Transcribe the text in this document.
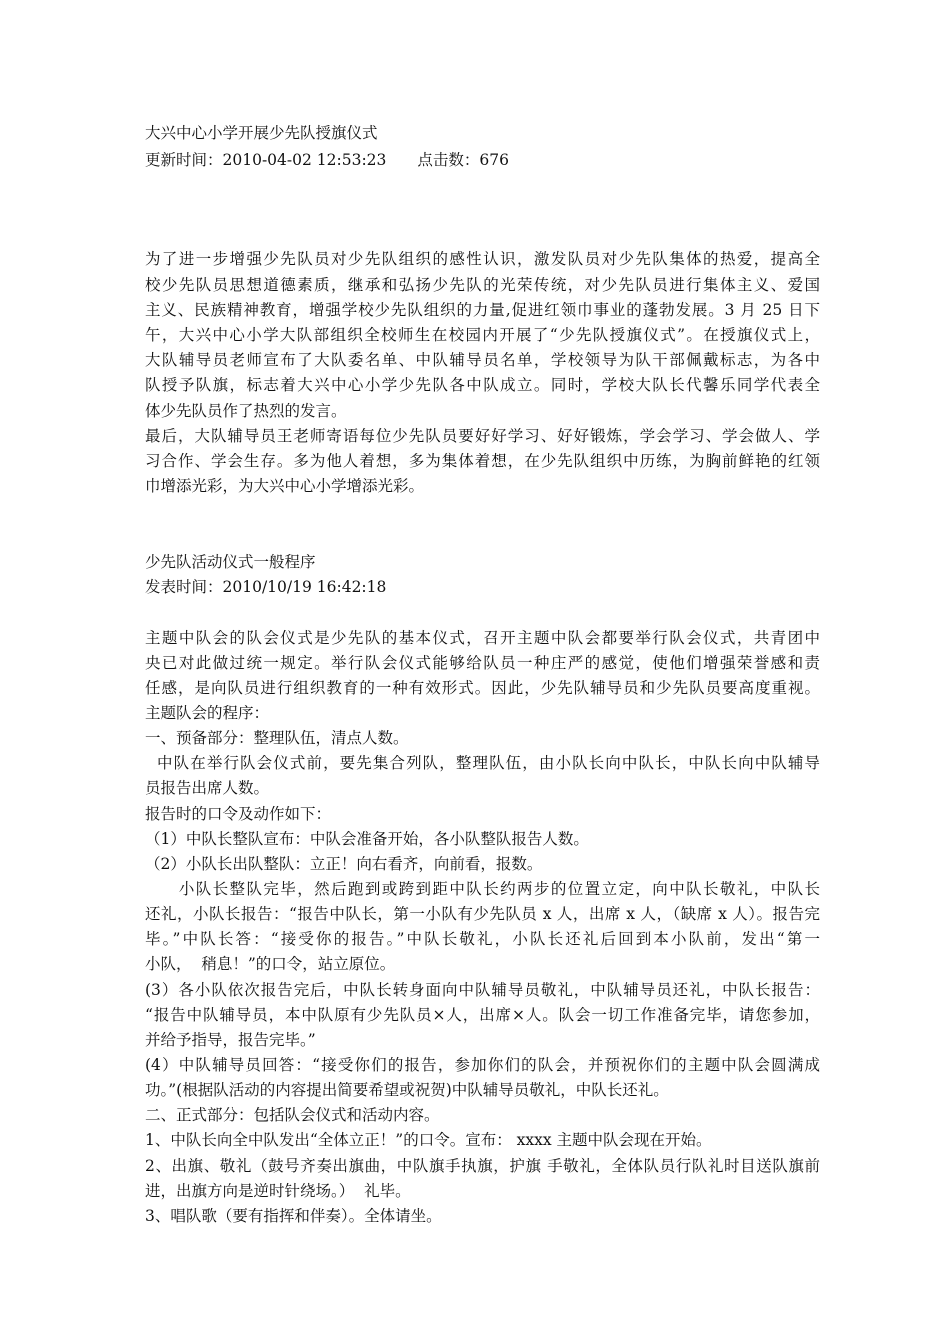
大兴中心小学开展少先队授旗仪式
更新时间：2010-04-02 12:53:23　　点击数：676
为了进一步增强少先队员对少先队组织的感性认识，激发队员对少先队集体的热爱，提高全
校少先队员思想道德素质，继承和弘扬少先队的光荣传统，对少先队员进行集体主义、爱国
主义、民族精神教育，增强学校少先队组织的力量,促进红领巾事业的蓬勃发展。3 月 25 日下
午，大兴中心小学大队部组织全校师生在校园内开展了“少先队授旗仪式”。在授旗仪式上，
大队辅导员老师宣布了大队委名单、中队辅导员名单，学校领导为队干部佩戴标志，为各中
队授予队旗，标志着大兴中心小学少先队各中队成立。同时，学校大队长代馨乐同学代表全
体少先队员作了热烈的发言。
最后，大队辅导员王老师寄语每位少先队员要好好学习、好好锻炼，学会学习、学会做人、学
习合作、学会生存。多为他人着想，多为集体着想，在少先队组织中历练，为胸前鲜艳的红领
巾增添光彩，为大兴中心小学增添光彩。
少先队活动仪式一般程序
发表时间：2010/10/19 16:42:18
主题中队会的队会仪式是少先队的基本仪式，召开主题中队会都要举行队会仪式，共青团中
央已对此做过统一规定。举行队会仪式能够给队员一种庄严的感觉，使他们增强荣誉感和责
任感，是向队员进行组织教育的一种有效形式。因此，少先队辅导员和少先队员要高度重视。
主题队会的程序：
一、预备部分：整理队伍，清点人数。
中队在举行队会仪式前，要先集合列队，整理队伍，由小队长向中队长，中队长向中队辅导
员报告出席人数。
报告时的口令及动作如下：
（1）中队长整队宣布：中队会准备开始，各小队整队报告人数。
（2）小队长出队整队：立正！向右看齐，向前看，报数。
　　小队长整队完毕，然后跑到或跨到距中队长约两步的位置立定，向中队长敬礼，中队长
还礼，小队长报告：“报告中队长，第一小队有少先队员 x 人，出席 x 人，（缺席 x 人）。报告完
毕。”中队长答：“接受你的报告。”中队长敬礼，小队长还礼后回到本小队前，发出“第一
小队，  稍息！”的口令，站立原位。
(3）各小队依次报告完后，中队长转身面向中队辅导员敬礼，中队辅导员还礼，中队长报告：
“报告中队辅导员，本中队原有少先队员×人，出席×人。队会一切工作准备完毕，请您参加，
并给予指导，报告完毕。”
(4）中队辅导员回答：“接受你们的报告，参加你们的队会，并预祝你们的主题中队会圆满成
功。”(根据队活动的内容提出简要希望或祝贺)中队辅导员敬礼，中队长还礼。
二、正式部分：包括队会仪式和活动内容。
1、中队长向全中队发出“全体立正！”的口令。宣布： xxxx 主题中队会现在开始。
2、出旗、敬礼（鼓号齐奏出旗曲，中队旗手执旗，护旗 手敬礼，全体队员行队礼时目送队旗前
进，出旗方向是逆时针绕场。）  礼毕。
3、唱队歌（要有指挥和伴奏）。全体请坐。
